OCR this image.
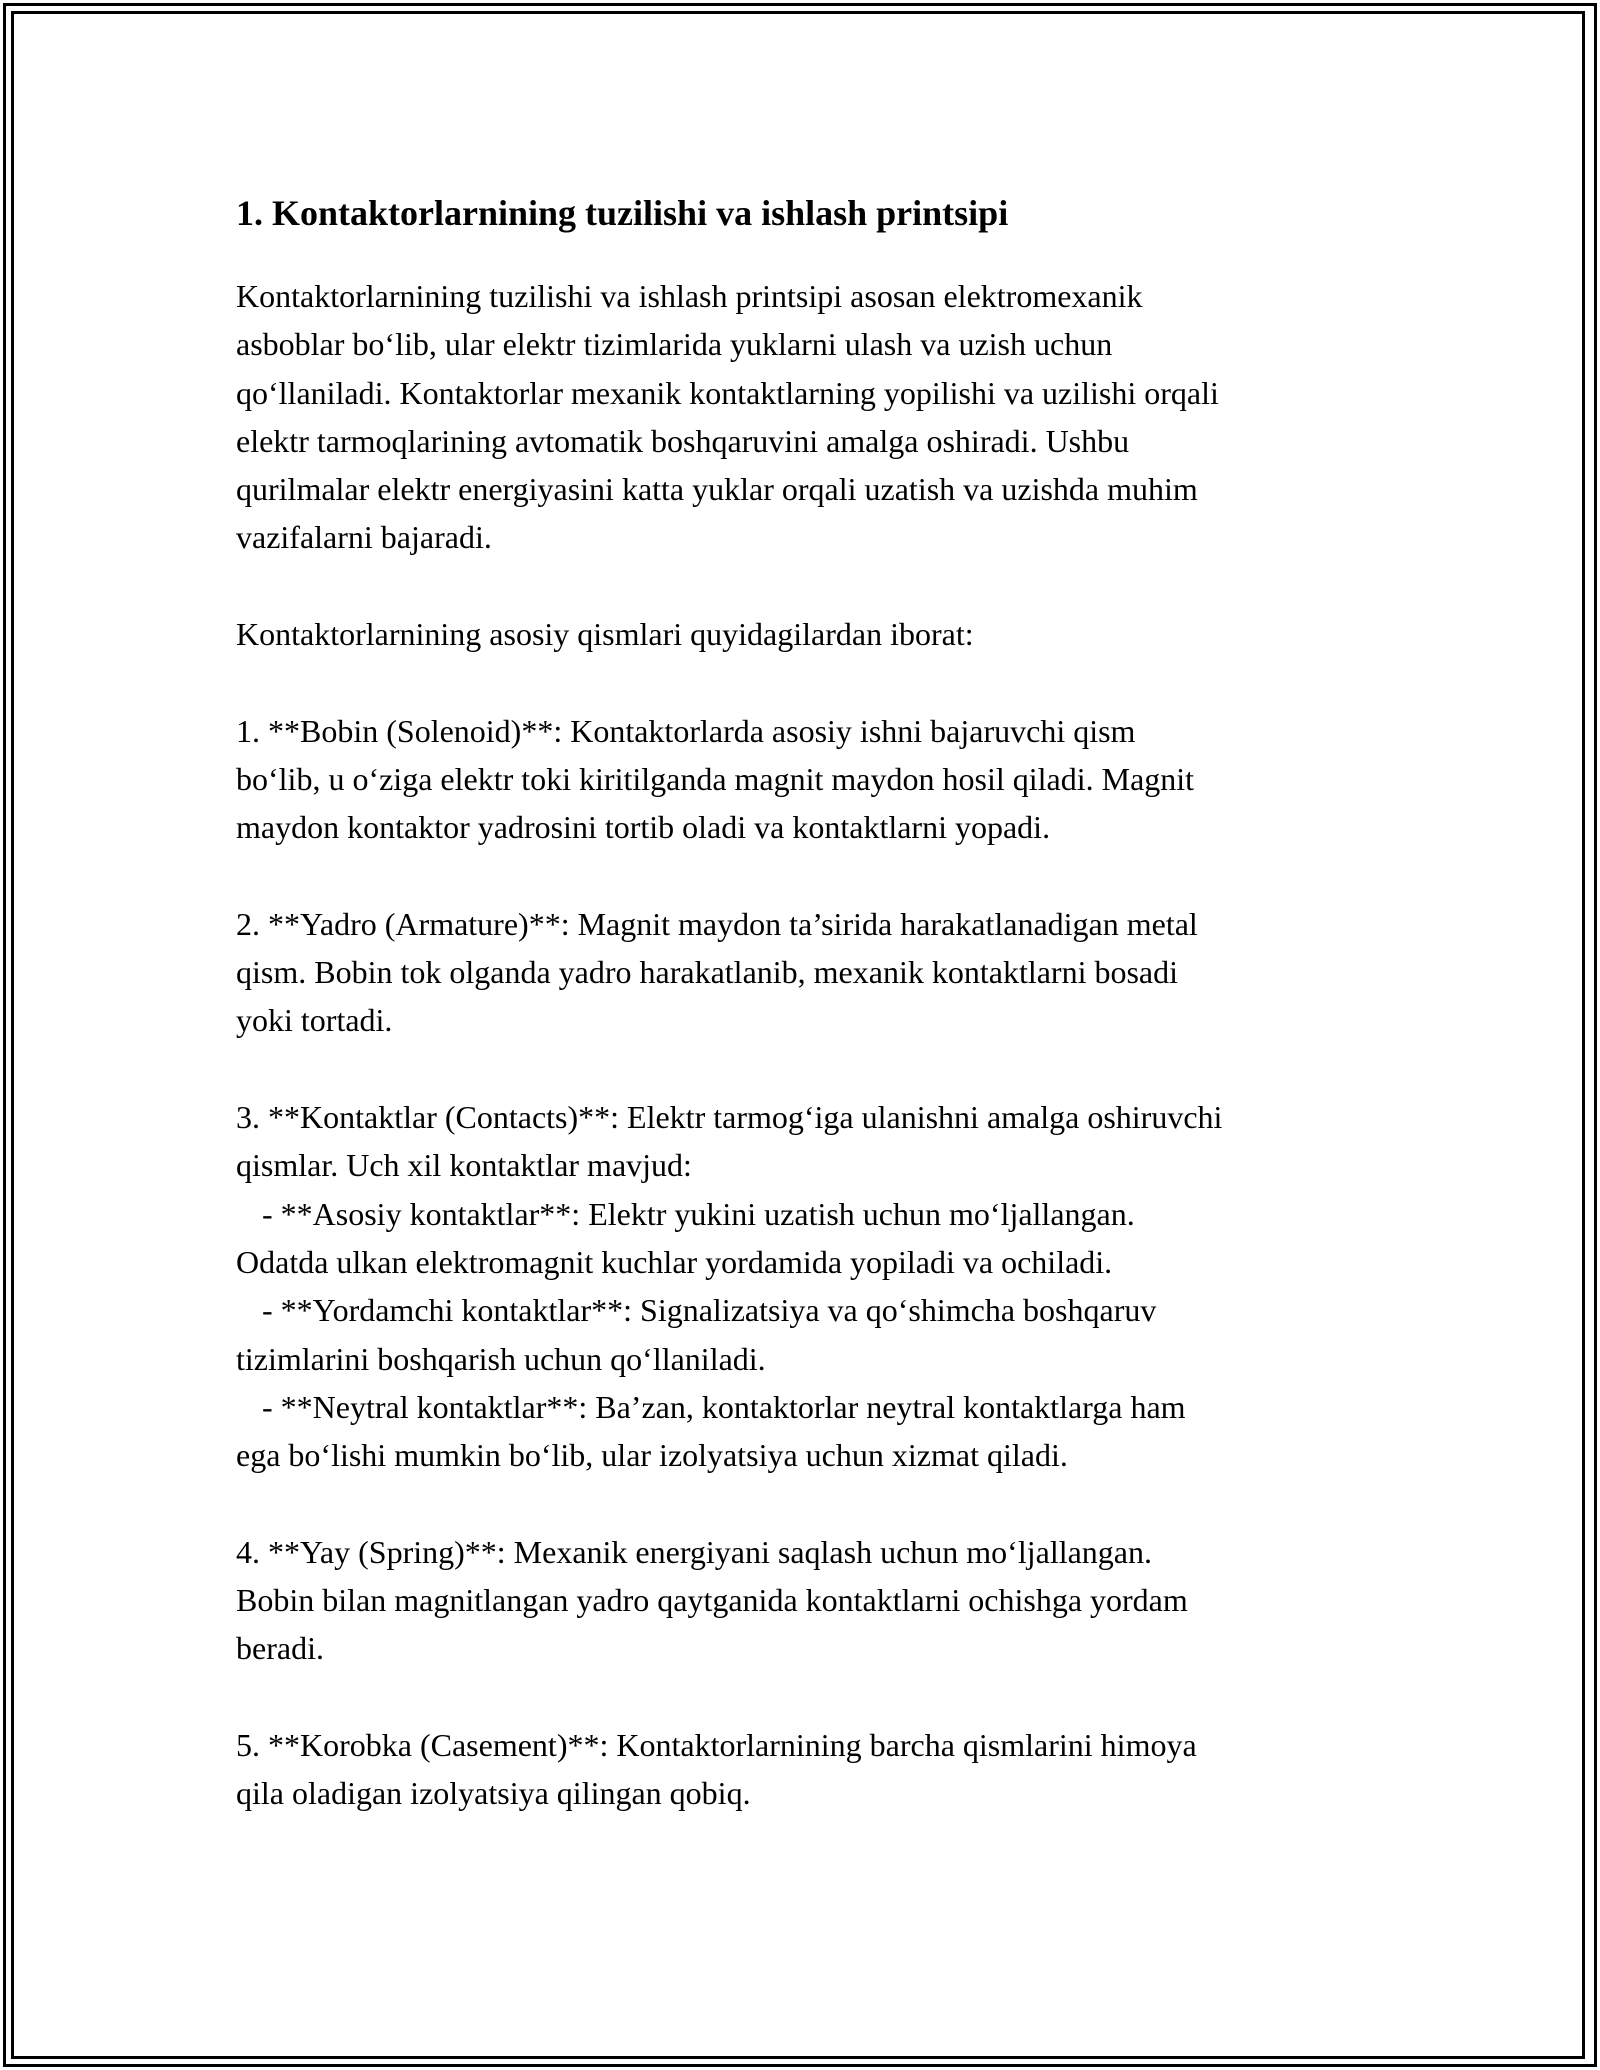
1. Kontaktorlarnining tuzilishi va ishlash printsipi

Kontaktorlarnining tuzilishi va ishlash printsipi asosan elektromexanik

asboblar bo‘lib, ular elektr tizimlarida yuklarni ulash va uzish uchun

qo‘llaniladi. Kontaktorlar mexanik kontaktlarning yopilishi va uzilishi orqali

elektr tarmoqlarining avtomatik boshqaruvini amalga oshiradi. Ushbu

qurilmalar elektr energiyasini katta yuklar orqali uzatish va uzishda muhim

vazifalarni bajaradi.

Kontaktorlarnining asosiy qismlari quyidagilardan iborat:

1. **Bobin (Solenoid)**: Kontaktorlarda asosiy ishni bajaruvchi qism

bo‘lib, u o‘ziga elektr toki kiritilganda magnit maydon hosil qiladi. Magnit

maydon kontaktor yadrosini tortib oladi va kontaktlarni yopadi.

2. **Yadro (Armature)**: Magnit maydon ta’sirida harakatlanadigan metal

qism. Bobin tok olganda yadro harakatlanib, mexanik kontaktlarni bosadi

yoki tortadi.

3. **Kontaktlar (Contacts)**: Elektr tarmog‘iga ulanishni amalga oshiruvchi

qismlar. Uch xil kontaktlar mavjud:

- **Asosiy kontaktlar**: Elektr yukini uzatish uchun mo‘ljallangan.

Odatda ulkan elektromagnit kuchlar yordamida yopiladi va ochiladi.

- **Yordamchi kontaktlar**: Signalizatsiya va qo‘shimcha boshqaruv

tizimlarini boshqarish uchun qo‘llaniladi.

- **Neytral kontaktlar**: Ba’zan, kontaktorlar neytral kontaktlarga ham

ega bo‘lishi mumkin bo‘lib, ular izolyatsiya uchun xizmat qiladi.

4. **Yay (Spring)**: Mexanik energiyani saqlash uchun mo‘ljallangan.

Bobin bilan magnitlangan yadro qaytganida kontaktlarni ochishga yordam

beradi.

5. **Korobka (Casement)**: Kontaktorlarnining barcha qismlarini himoya

qila oladigan izolyatsiya qilingan qobiq.
